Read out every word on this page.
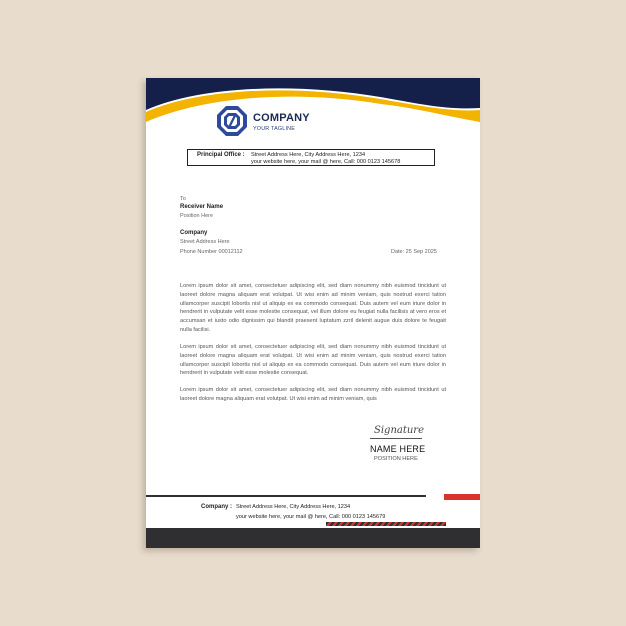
COMPANY
YOUR TAGLINE
Principal Office : Street Address Here, City Address Here, 1234
your website here, your mail @ here, Call: 000 0123 145678
To
Receiver Name
Position Here
Company
Street Address Here
Phone Number 00012112	Date: 25 Sep 2025

Lorem ipsum dolor sit amet, consectetuer adipiscing elit, sed diam nonummy nibh euismod tincidunt ut laoreet dolore magna aliquam erat volutpat. Ut wisi enim ad minim veniam, quis nostrud exerci tation ullamcorper suscipit lobortis nisl ut aliquip ex ea commodo consequat. Duis autem vel eum iriure dolor in hendrerit in vulputate velit esse molestie consequat, vel illum dolore eu feugiat nulla facilisis at vero eros et accumsan et iusto odio dignissim qui blandit praesent luptatum zzril delenit augue duis dolore te feugait nulla facilisi.

Lorem ipsum dolor sit amet, consectetuer adipiscing elit, sed diam nonummy nibh euismod tincidunt ut laoreet dolore magna aliquam erat volutpat. Ut wisi enim ad minim veniam, quis nostrud exerci tation ullamcorper suscipit lobortis nisl ut aliquip ex ea commodo consequat. Duis autem vel eum iriure dolor in hendrerit in vulputate velit esse molestie consequat.

Lorem ipsum dolor sit amet, consectetuer adipiscing elit, sed diam nonummy nibh euismod tincidunt ut laoreet dolore magna aliquam erat volutpat. Ut wisi enim ad minim veniam, quis

Signature
NAME HERE
POSITION HERE
Company : Street Address Here, City Address Here, 1234
your website here, your mail @ here, Call: 000 0123 145679
